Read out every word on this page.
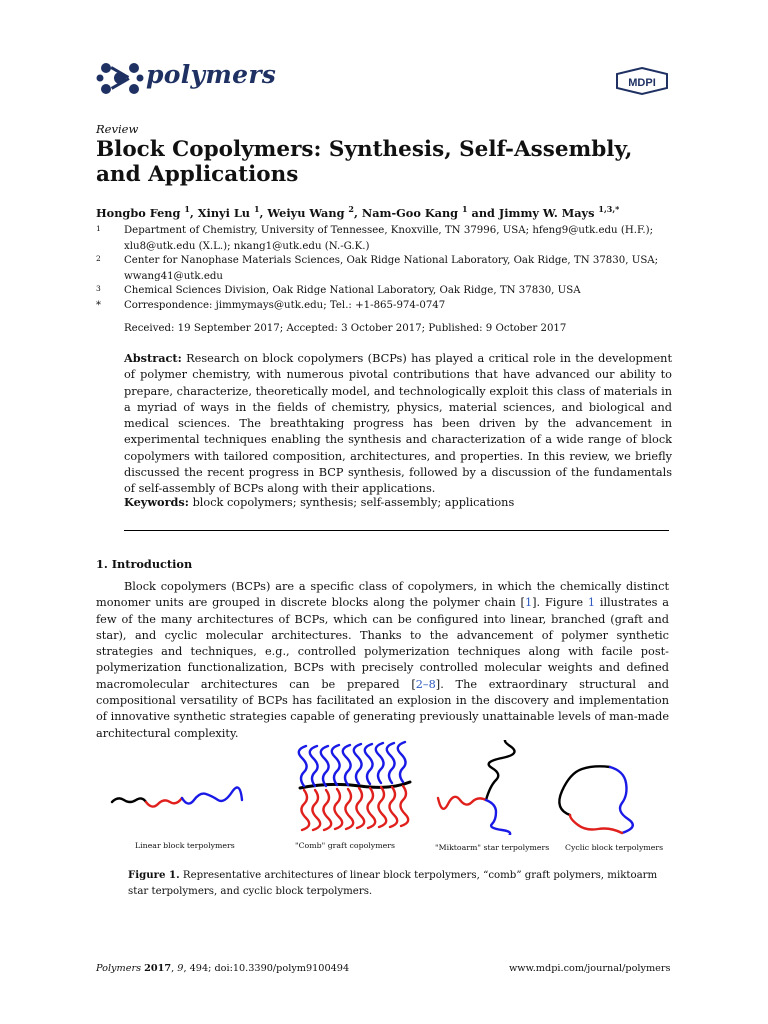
polymers	MDPI
Review
Block Copolymers: Synthesis, Self-Assembly, and Applications
Hongbo Feng $^1$, Xinyi Lu $^1$, Weiyu Wang $^2$, Nam-Goo Kang $^1$ and Jimmy W. Mays $^{1,3,*}$
1 Department of Chemistry, University of Tennessee, Knoxville, TN 37996, USA; hfeng9@utk.edu (H.F.);
xlu8@utk.edu (X.L.); nkang1@utk.edu (N.-G.K.)
2 Center for Nanophase Materials Sciences, Oak Ridge National Laboratory, Oak Ridge, TN 37830, USA;
wwang41@utk.edu
3 Chemical Sciences Division, Oak Ridge National Laboratory, Oak Ridge, TN 37830, USA
* Correspondence: jimmymays@utk.edu; Tel.: +1-865-974-0747
Received: 19 September 2017; Accepted: 3 October 2017; Published: 9 October 2017
Abstract: Research on block copolymers (BCPs) has played a critical role in the development of polymer chemistry, with numerous pivotal contributions that have advanced our ability to prepare, characterize, theoretically model, and technologically exploit this class of materials in a myriad of ways in the fields of chemistry, physics, material sciences, and biological and medical sciences. The breathtaking progress has been driven by the advancement in experimental techniques enabling the synthesis and characterization of a wide range of block copolymers with tailored composition, architectures, and properties. In this review, we briefly discussed the recent progress in BCP synthesis, followed by a discussion of the fundamentals of self-assembly of BCPs along with their applications.
Keywords: block copolymers; synthesis; self-assembly; applications
1. Introduction
Block copolymers (BCPs) are a specific class of copolymers, in which the chemically distinct monomer units are grouped in discrete blocks along the polymer chain [1]. Figure 1 illustrates a few of the many architectures of BCPs, which can be configured into linear, branched (graft and star), and cyclic molecular architectures. Thanks to the advancement of polymer synthetic strategies and techniques, e.g., controlled polymerization techniques along with facile post-polymerization functionalization, BCPs with precisely controlled molecular weights and defined macromolecular architectures can be prepared [2–8]. The extraordinary structural and compositional versatility of BCPs has facilitated an explosion in the discovery and implementation of innovative synthetic strategies capable of generating previously unattainable levels of man-made architectural complexity.
Linear block terpolymers	"Comb" graft copolymers	"Miktoarm" star terpolymers Cyclic block terpolymers
Figure 1. Representative architectures of linear block terpolymers, “comb” graft polymers, miktoarm star terpolymers, and cyclic block terpolymers.
Polymers 2017, 9, 494; doi:10.3390/polym9100494	www.mdpi.com/journal/polymers
